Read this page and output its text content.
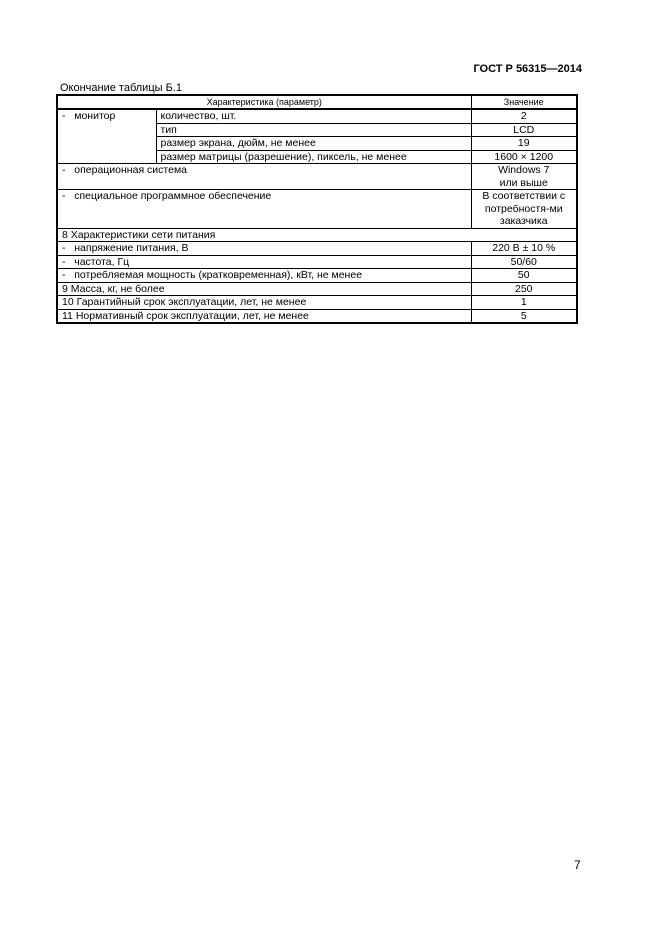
ГОСТ Р 56315—2014
Окончание таблицы Б.1
Характеристика (параметр)		Значение
-   монитор	количество, шт.	2
	тип	LCD
	размер экрана, дюйм, не менее	19
	размер матрицы (разрешение), пиксель, не менее	1600 × 1200
-   операционная система		Windows 7
или выше

-   специальное программное обеспечение		В соответствии с
потребностя-ми
заказчика

8 Характеристики сети питания		
-   напряжение питания, В		220 В ± 10 %
-   частота, Гц		50/60
-   потребляемая мощность (кратковременная), кВт, не менее		50
9 Масса, кг, не более		250
10 Гарантийный срок эксплуатации, лет, не менее		1
11 Нормативный срок эксплуатации, лет, не менее		5
7
